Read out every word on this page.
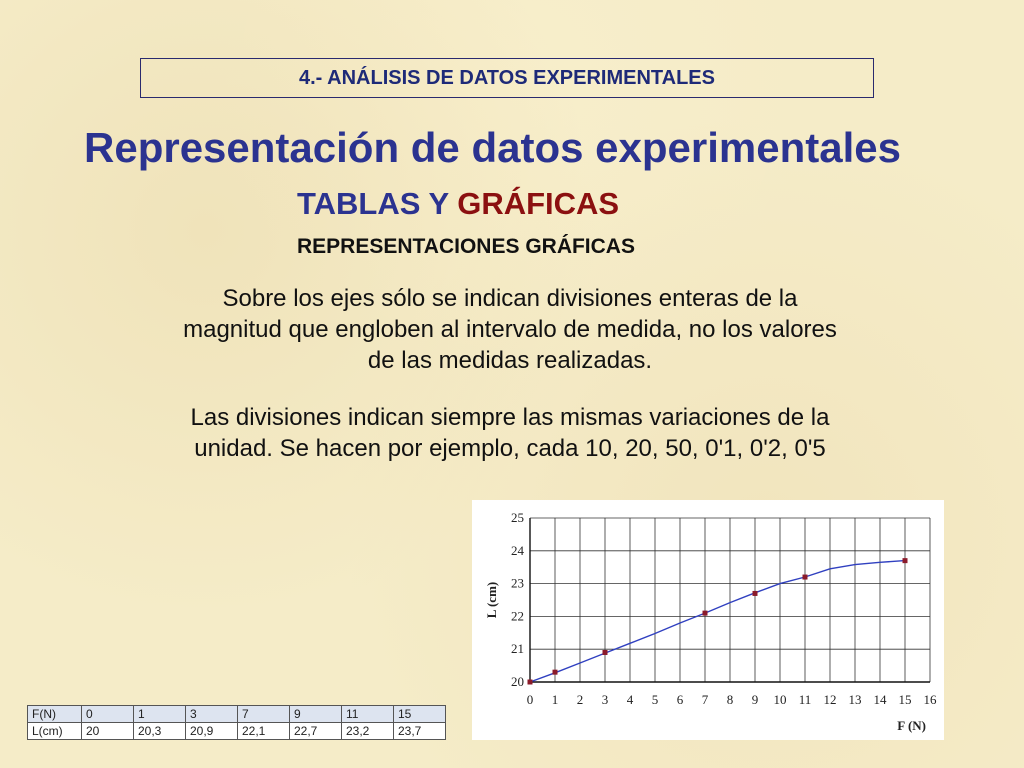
4.- ANÁLISIS DE DATOS EXPERIMENTALES
Representación de datos experimentales
TABLAS Y GRÁFICAS
REPRESENTACIONES GRÁFICAS
Sobre los ejes sólo se indican divisiones enteras de la
magnitud que engloben al intervalo de medida, no los valores
de las medidas realizadas.
Las divisiones indican siempre las mismas variaciones de la
unidad. Se hacen por ejemplo, cada 10, 20, 50, 0'1, 0'2, 0'5
F(N)	0	1	3	7	9	11	15
L(cm)	20	20,3	20,9	22,1	22,7	23,2	23,7
0 1 2 3 4 5 6 7 8 9 10 11 12 13 14 15 16
20
21
22
23
24
25
F (N)
L (cm)
